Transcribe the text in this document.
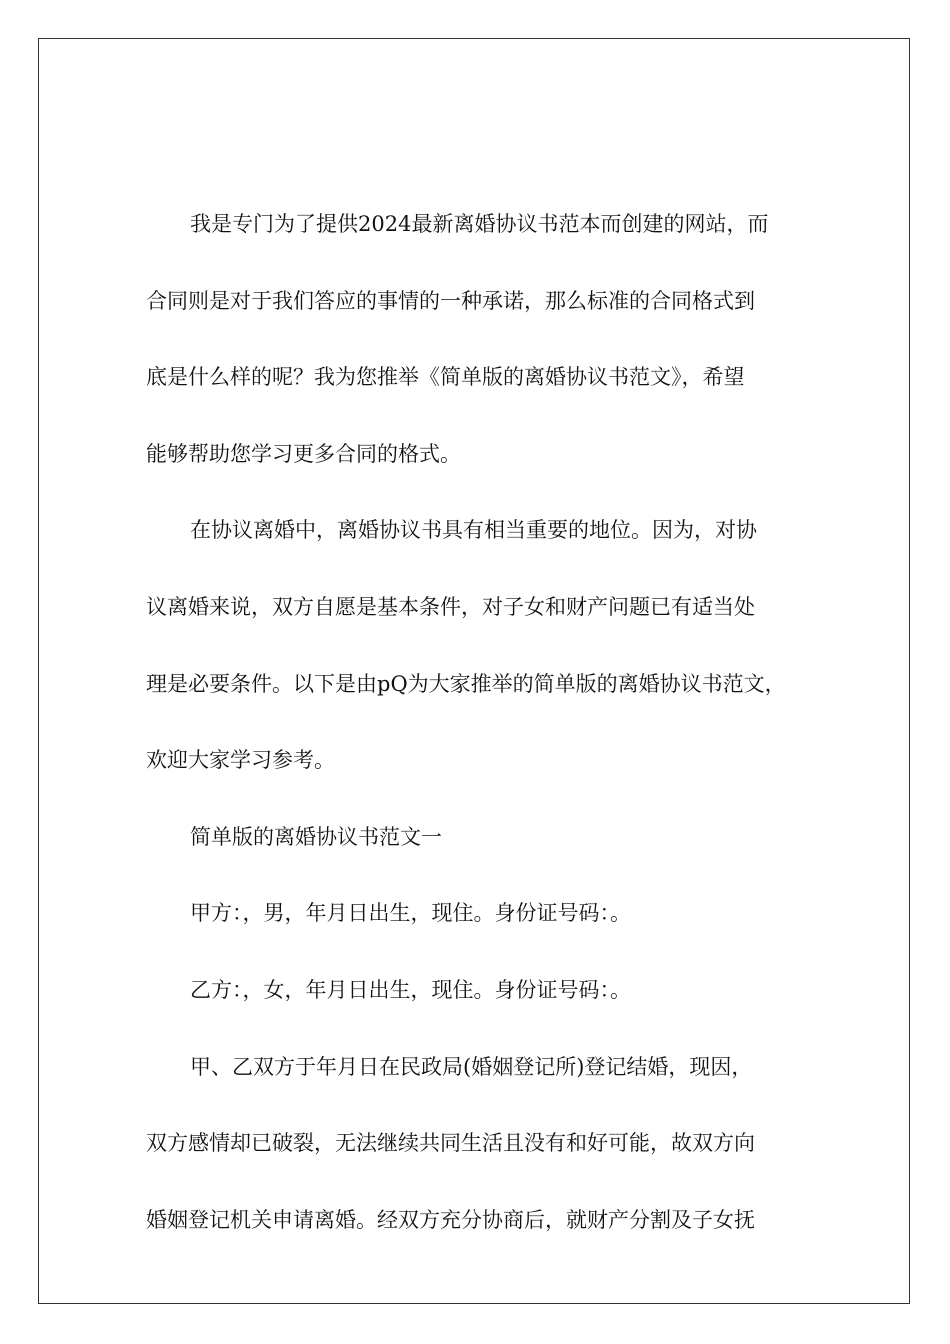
我是专门为了提供2024最新离婚协议书范本而创建的网站，而
合同则是对于我们答应的事情的一种承诺，那么标准的合同格式到
底是什么样的呢？我为您推举《简单版的离婚协议书范文》，希望
能够帮助您学习更多合同的格式。
在协议离婚中，离婚协议书具有相当重要的地位。因为，对协
议离婚来说，双方自愿是基本条件，对子女和财产问题已有适当处
理是必要条件。以下是由pQ为大家推举的简单版的离婚协议书范文，
欢迎大家学习参考。
简单版的离婚协议书范文一
甲方：，男，年月日出生，现住。身份证号码：。
乙方：，女，年月日出生，现住。身份证号码：。
甲、乙双方于年月日在民政局(婚姻登记所)登记结婚，现因，
双方感情却已破裂，无法继续共同生活且没有和好可能，故双方向
婚姻登记机关申请离婚。经双方充分协商后，就财产分割及子女抚
